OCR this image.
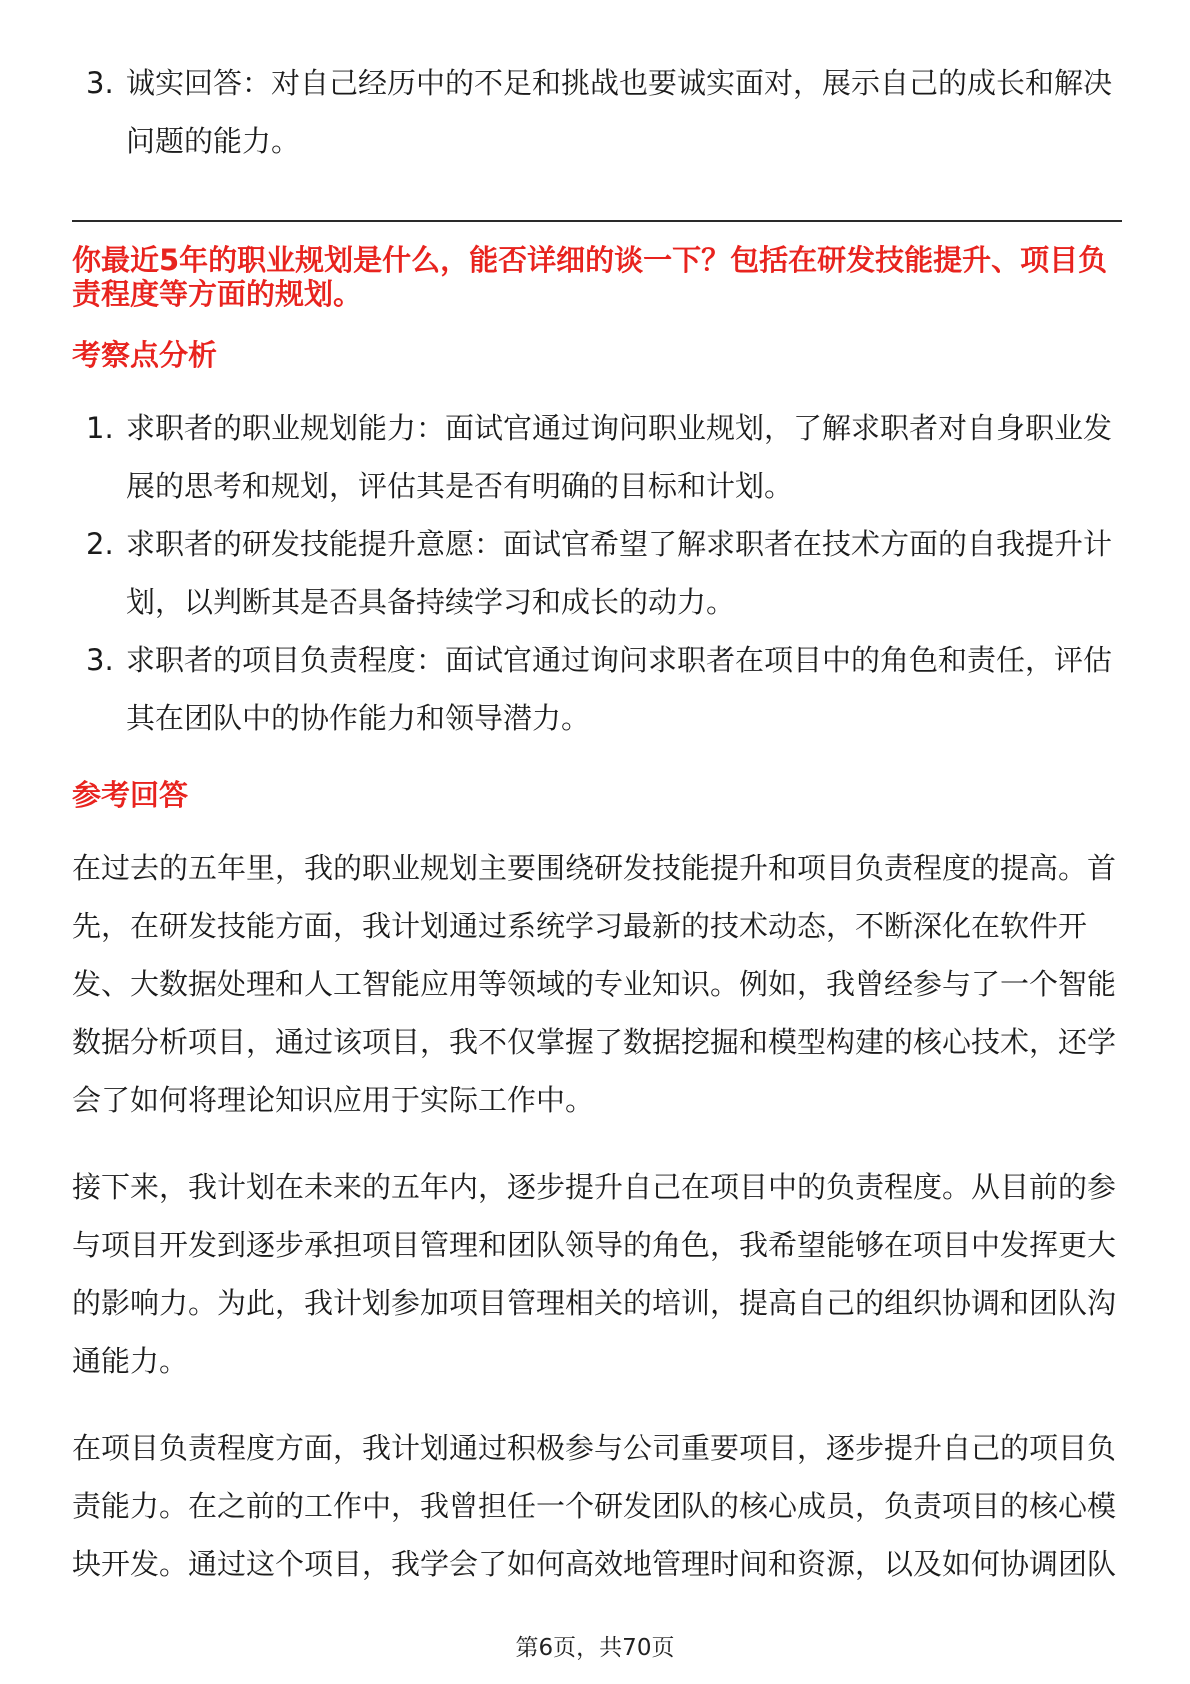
3. 诚实回答：对自己经历中的不足和挑战也要诚实面对，展示自己的成长和解决问题的能力。
你最近5年的职业规划是什么，能否详细的谈一下？包括在研发技能提升、项目负责程度等方面的规划。
考察点分析
1. 求职者的职业规划能力：面试官通过询问职业规划，了解求职者对自身职业发展的思考和规划，评估其是否有明确的目标和计划。
2. 求职者的研发技能提升意愿：面试官希望了解求职者在技术方面的自我提升计划，以判断其是否具备持续学习和成长的动力。
3. 求职者的项目负责程度：面试官通过询问求职者在项目中的角色和责任，评估其在团队中的协作能力和领导潜力。
参考回答

在过去的五年里，我的职业规划主要围绕研发技能提升和项目负责程度的提高。首先，在研发技能方面，我计划通过系统学习最新的技术动态，不断深化在软件开发、大数据处理和人工智能应用等领域的专业知识。例如，我曾经参与了一个智能数据分析项目，通过该项目，我不仅掌握了数据挖掘和模型构建的核心技术，还学会了如何将理论知识应用于实际工作中。

接下来，我计划在未来的五年内，逐步提升自己在项目中的负责程度。从目前的参与项目开发到逐步承担项目管理和团队领导的角色，我希望能够在项目中发挥更大的影响力。为此，我计划参加项目管理相关的培训，提高自己的组织协调和团队沟通能力。

在项目负责程度方面，我计划通过积极参与公司重要项目，逐步提升自己的项目负责能力。在之前的工作中，我曾担任一个研发团队的核心成员，负责项目的核心模块开发。通过这个项目，我学会了如何高效地管理时间和资源，以及如何协调团队

第6页，共70页
